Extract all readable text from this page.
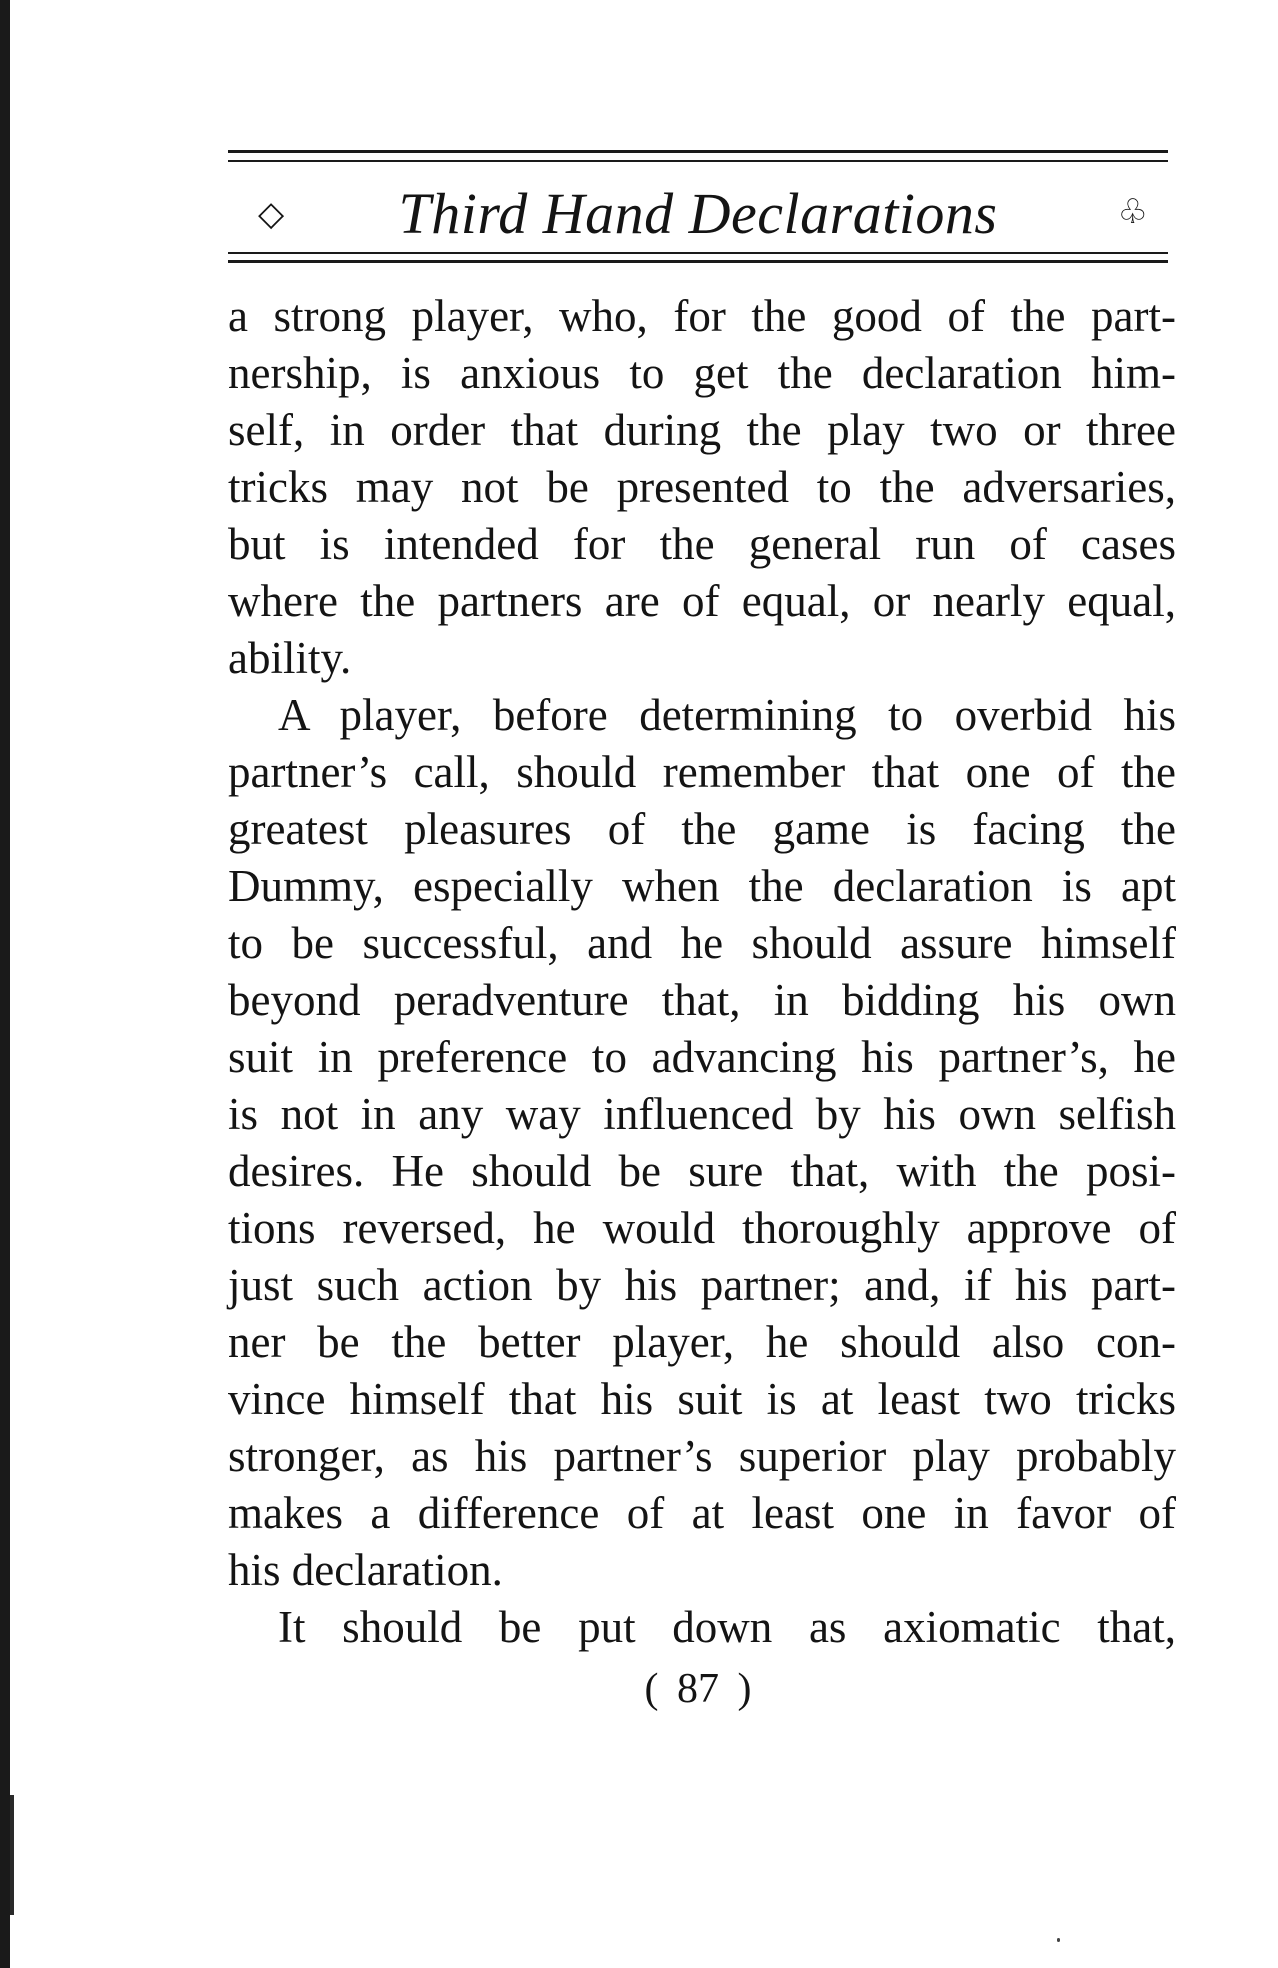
◇	Third Hand Declarations	♧
a strong player, who, for the good of the part-
nership, is anxious to get the declaration him-
self, in order that during the play two or three
tricks may not be presented to the adversaries,
but is intended for the general run of cases
where the partners are of equal, or nearly equal,
ability.
A player, before determining to overbid his
partner’s call, should remember that one of the
greatest pleasures of the game is facing the
Dummy, especially when the declaration is apt
to be successful, and he should assure himself
beyond peradventure that, in bidding his own
suit in preference to advancing his partner’s, he
is not in any way influenced by his own selfish
desires. He should be sure that, with the posi-
tions reversed, he would thoroughly approve of
just such action by his partner; and, if his part-
ner be the better player, he should also con-
vince himself that his suit is at least two tricks
stronger, as his partner’s superior play probably
makes a difference of at least one in favor of
his declaration.
It should be put down as axiomatic that,
( 87 )
